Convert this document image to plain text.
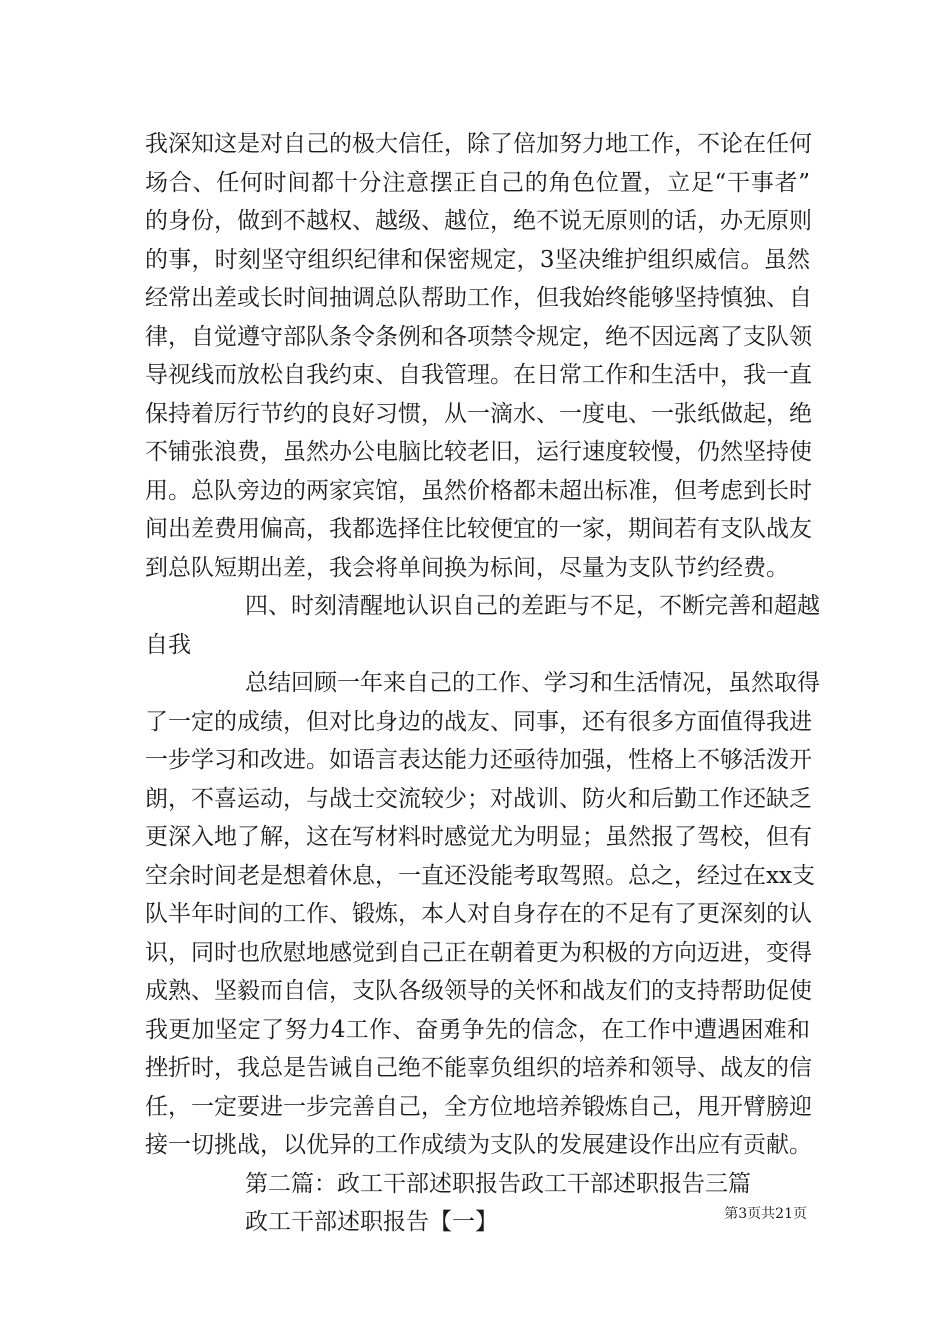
我深知这是对自己的极大信任，除了倍加努力地工作，不论在任何
场合、任何时间都十分注意摆正自己的角色位置，立足“干事者”
的身份，做到不越权、越级、越位，绝不说无原则的话，办无原则
的事，时刻坚守组织纪律和保密规定，3坚决维护组织威信。虽然
经常出差或长时间抽调总队帮助工作，但我始终能够坚持慎独、自
律，自觉遵守部队条令条例和各项禁令规定，绝不因远离了支队领
导视线而放松自我约束、自我管理。在日常工作和生活中，我一直
保持着厉行节约的良好习惯，从一滴水、一度电、一张纸做起，绝
不铺张浪费，虽然办公电脑比较老旧，运行速度较慢，仍然坚持使
用。总队旁边的两家宾馆，虽然价格都未超出标准，但考虑到长时
间出差费用偏高，我都选择住比较便宜的一家，期间若有支队战友
到总队短期出差，我会将单间换为标间，尽量为支队节约经费。
四、时刻清醒地认识自己的差距与不足，不断完善和超越
自我
总结回顾一年来自己的工作、学习和生活情况，虽然取得
了一定的成绩，但对比身边的战友、同事，还有很多方面值得我进
一步学习和改进。如语言表达能力还亟待加强，性格上不够活泼开
朗，不喜运动，与战士交流较少；对战训、防火和后勤工作还缺乏
更深入地了解，这在写材料时感觉尤为明显；虽然报了驾校，但有
空余时间老是想着休息，一直还没能考取驾照。总之，经过在xx支
队半年时间的工作、锻炼，本人对自身存在的不足有了更深刻的认
识，同时也欣慰地感觉到自己正在朝着更为积极的方向迈进，变得
成熟、坚毅而自信，支队各级领导的关怀和战友们的支持帮助促使
我更加坚定了努力4工作、奋勇争先的信念，在工作中遭遇困难和
挫折时，我总是告诫自己绝不能辜负组织的培养和领导、战友的信
任，一定要进一步完善自己，全方位地培养锻炼自己，甩开臂膀迎
接一切挑战，以优异的工作成绩为支队的发展建设作出应有贡献。
第二篇：政工干部述职报告政工干部述职报告三篇
政工干部述职报告【一】	第3页共21页
